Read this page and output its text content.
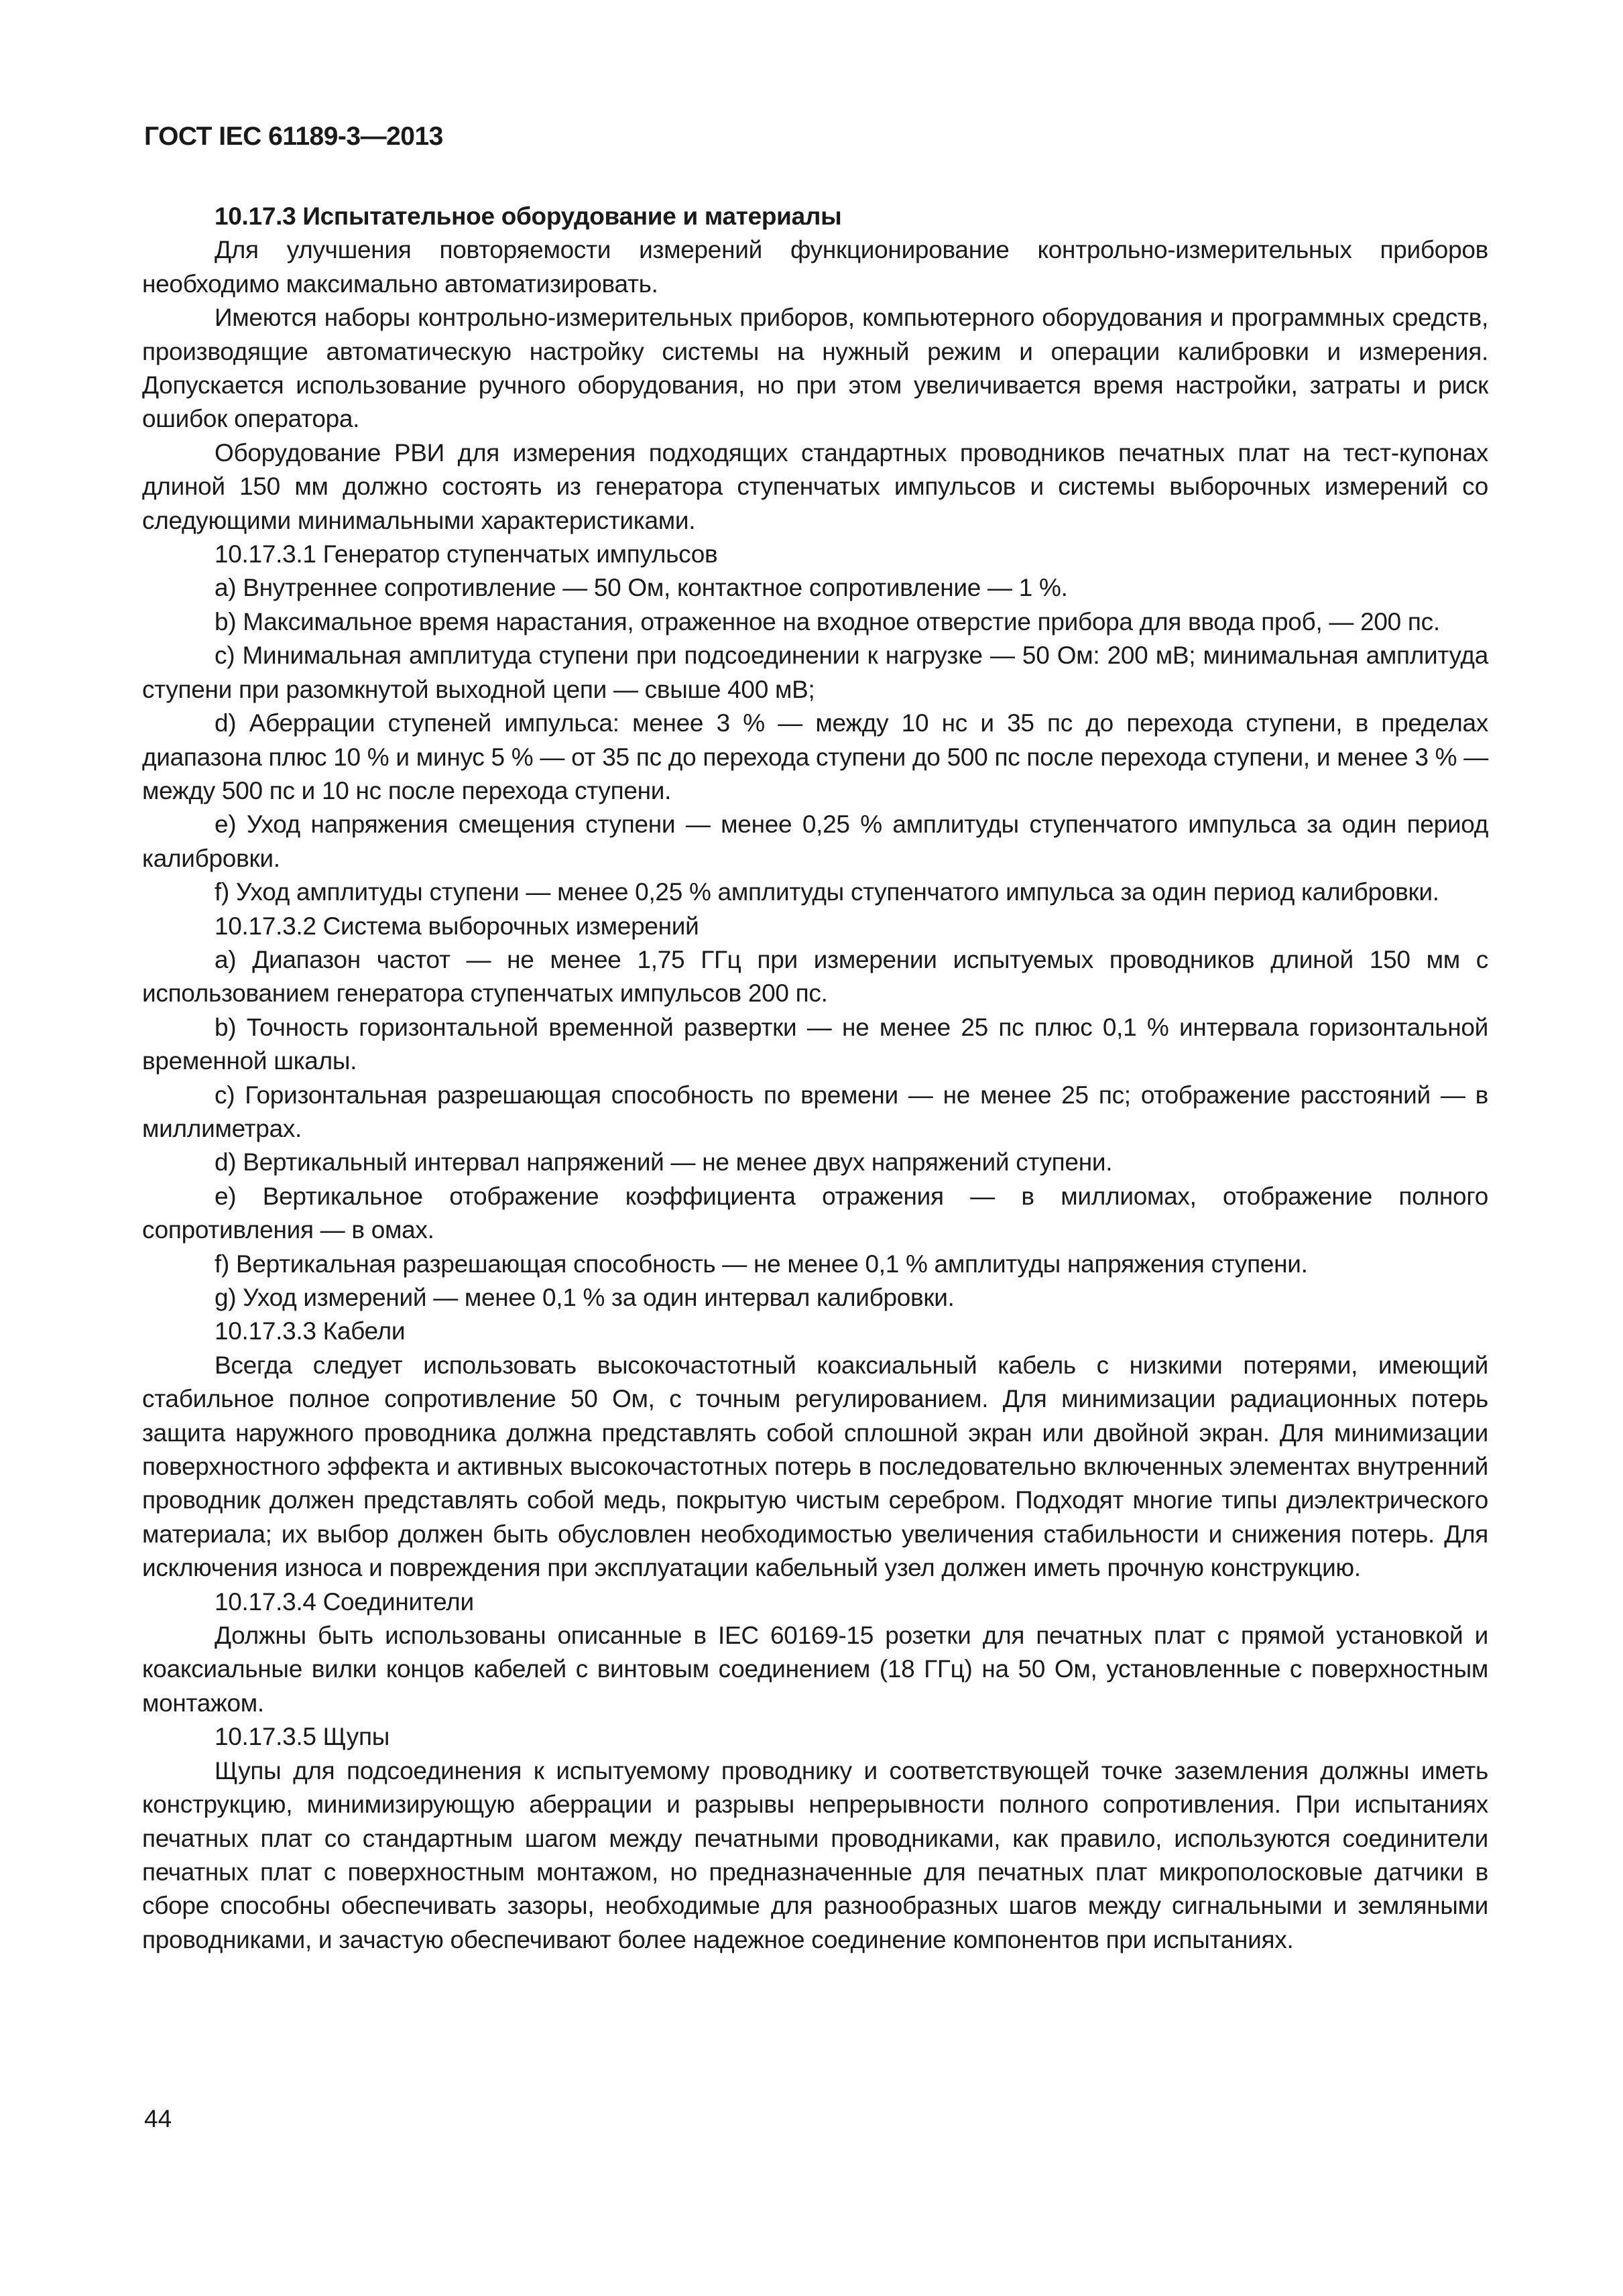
ГОСТ IEC 61189-3—2013

10.17.3 Испытательное оборудование и материалы

Для улучшения повторяемости измерений функционирование контрольно-измерительных приборов необходимо максимально автоматизировать.

Имеются наборы контрольно-измерительных приборов, компьютерного оборудования и программных средств, производящие автоматическую настройку системы на нужный режим и операции калибровки и измерения. Допускается использование ручного оборудования, но при этом увеличивается время настройки, затраты и риск ошибок оператора.

Оборудование РВИ для измерения подходящих стандартных проводников печатных плат на тест-купонах длиной 150 мм должно состоять из генератора ступенчатых импульсов и системы выборочных измерений со следующими минимальными характеристиками.

10.17.3.1 Генератор ступенчатых импульсов

a) Внутреннее сопротивление — 50 Ом, контактное сопротивление — 1 %.

b) Максимальное время нарастания, отраженное на входное отверстие прибора для ввода проб, — 200 пс.

c) Минимальная амплитуда ступени при подсоединении к нагрузке — 50 Ом: 200 мВ; минимальная амплитуда ступени при разомкнутой выходной цепи — свыше 400 мВ;

d) Аберрации ступеней импульса: менее 3 % — между 10 нс и 35 пс до перехода ступени, в пределах диапазона плюс 10 % и минус 5 % — от 35 пс до перехода ступени до 500 пс после перехода ступени, и менее 3 % — между 500 пс и 10 нс после перехода ступени.

e) Уход напряжения смещения ступени — менее 0,25 % амплитуды ступенчатого импульса за один период калибровки.

f) Уход амплитуды ступени — менее 0,25 % амплитуды ступенчатого импульса за один период калибровки.

10.17.3.2 Система выборочных измерений

a) Диапазон частот — не менее 1,75 ГГц при измерении испытуемых проводников длиной 150 мм с использованием генератора ступенчатых импульсов 200 пс.

b) Точность горизонтальной временной развертки — не менее 25 пс плюс 0,1 % интервала горизонтальной временной шкалы.

c) Горизонтальная разрешающая способность по времени — не менее 25 пс; отображение расстояний — в миллиметрах.

d) Вертикальный интервал напряжений — не менее двух напряжений ступени.

e) Вертикальное отображение коэффициента отражения — в миллиомах, отображение полного сопротивления — в омах.

f) Вертикальная разрешающая способность — не менее 0,1 % амплитуды напряжения ступени.

g) Уход измерений — менее 0,1 % за один интервал калибровки.

10.17.3.3 Кабели

Всегда следует использовать высокочастотный коаксиальный кабель с низкими потерями, имеющий стабильное полное сопротивление 50 Ом, с точным регулированием. Для минимизации радиационных потерь защита наружного проводника должна представлять собой сплошной экран или двойной экран. Для минимизации поверхностного эффекта и активных высокочастотных потерь в последовательно включенных элементах внутренний проводник должен представлять собой медь, покрытую чистым серебром. Подходят многие типы диэлектрического материала; их выбор должен быть обусловлен необходимостью увеличения стабильности и снижения потерь. Для исключения износа и повреждения при эксплуатации кабельный узел должен иметь прочную конструкцию.

10.17.3.4 Соединители

Должны быть использованы описанные в IEC 60169-15 розетки для печатных плат с прямой установкой и коаксиальные вилки концов кабелей с винтовым соединением (18 ГГц) на 50 Ом, установленные с поверхностным монтажом.

10.17.3.5 Щупы

Щупы для подсоединения к испытуемому проводнику и соответствующей точке заземления должны иметь конструкцию, минимизирующую аберрации и разрывы непрерывности полного сопротивления. При испытаниях печатных плат со стандартным шагом между печатными проводниками, как правило, используются соединители печатных плат с поверхностным монтажом, но предназначенные для печатных плат микрополосковые датчики в сборе способны обеспечивать зазоры, необходимые для разнообразных шагов между сигнальными и земляными проводниками, и зачастую обеспечивают более надежное соединение компонентов при испытаниях.

44
